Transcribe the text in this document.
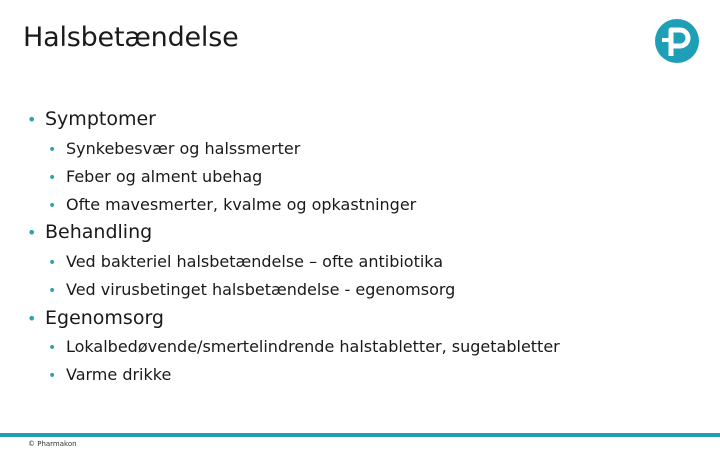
Halsbetændelse
• Symptomer
• Synkebesvær og halssmerter
• Feber og alment ubehag
• Ofte mavesmerter, kvalme og opkastninger
• Behandling
• Ved bakteriel halsbetændelse – ofte antibiotika
• Ved virusbetinget halsbetændelse - egenomsorg
• Egenomsorg
• Lokalbedøvende/smertelindrende halstabletter, sugetabletter
• Varme drikke
© Pharmakon
